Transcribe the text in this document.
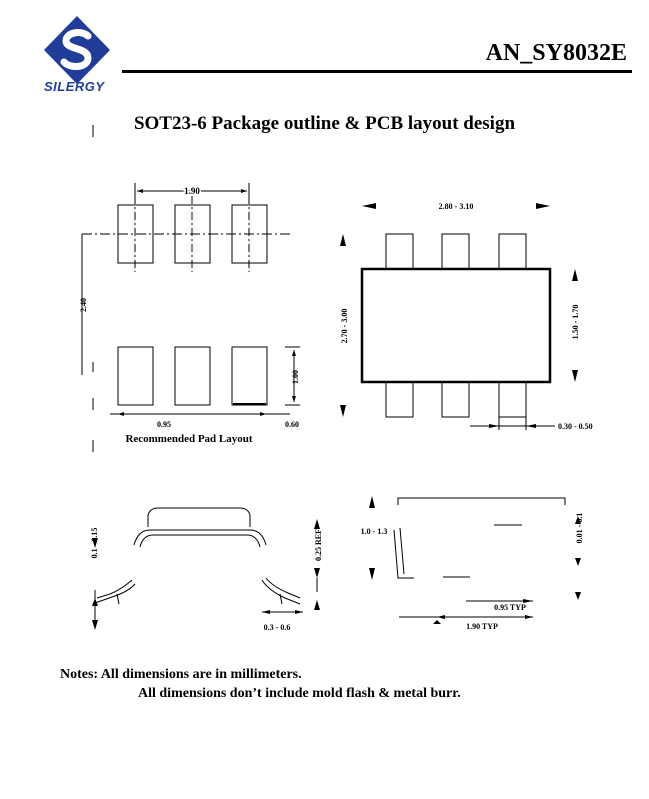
SILERGY
AN_SY8032E
SOT23-6 Package outline & PCB layout design
1.90
2.40
0.95	0.60
1.00
Recommended Pad Layout
2.80 - 3.10
2.70 - 3.00	1.50 - 1.70
0.30 - 0.50
0.1 - 0.15	0.25 REF
0.3 - 0.6
1.0 - 1.3	0.01 - 0.1
0.95 TYP
1.90 TYP
Notes: All dimensions are in millimeters.
All dimensions don’t include mold flash & metal burr.
